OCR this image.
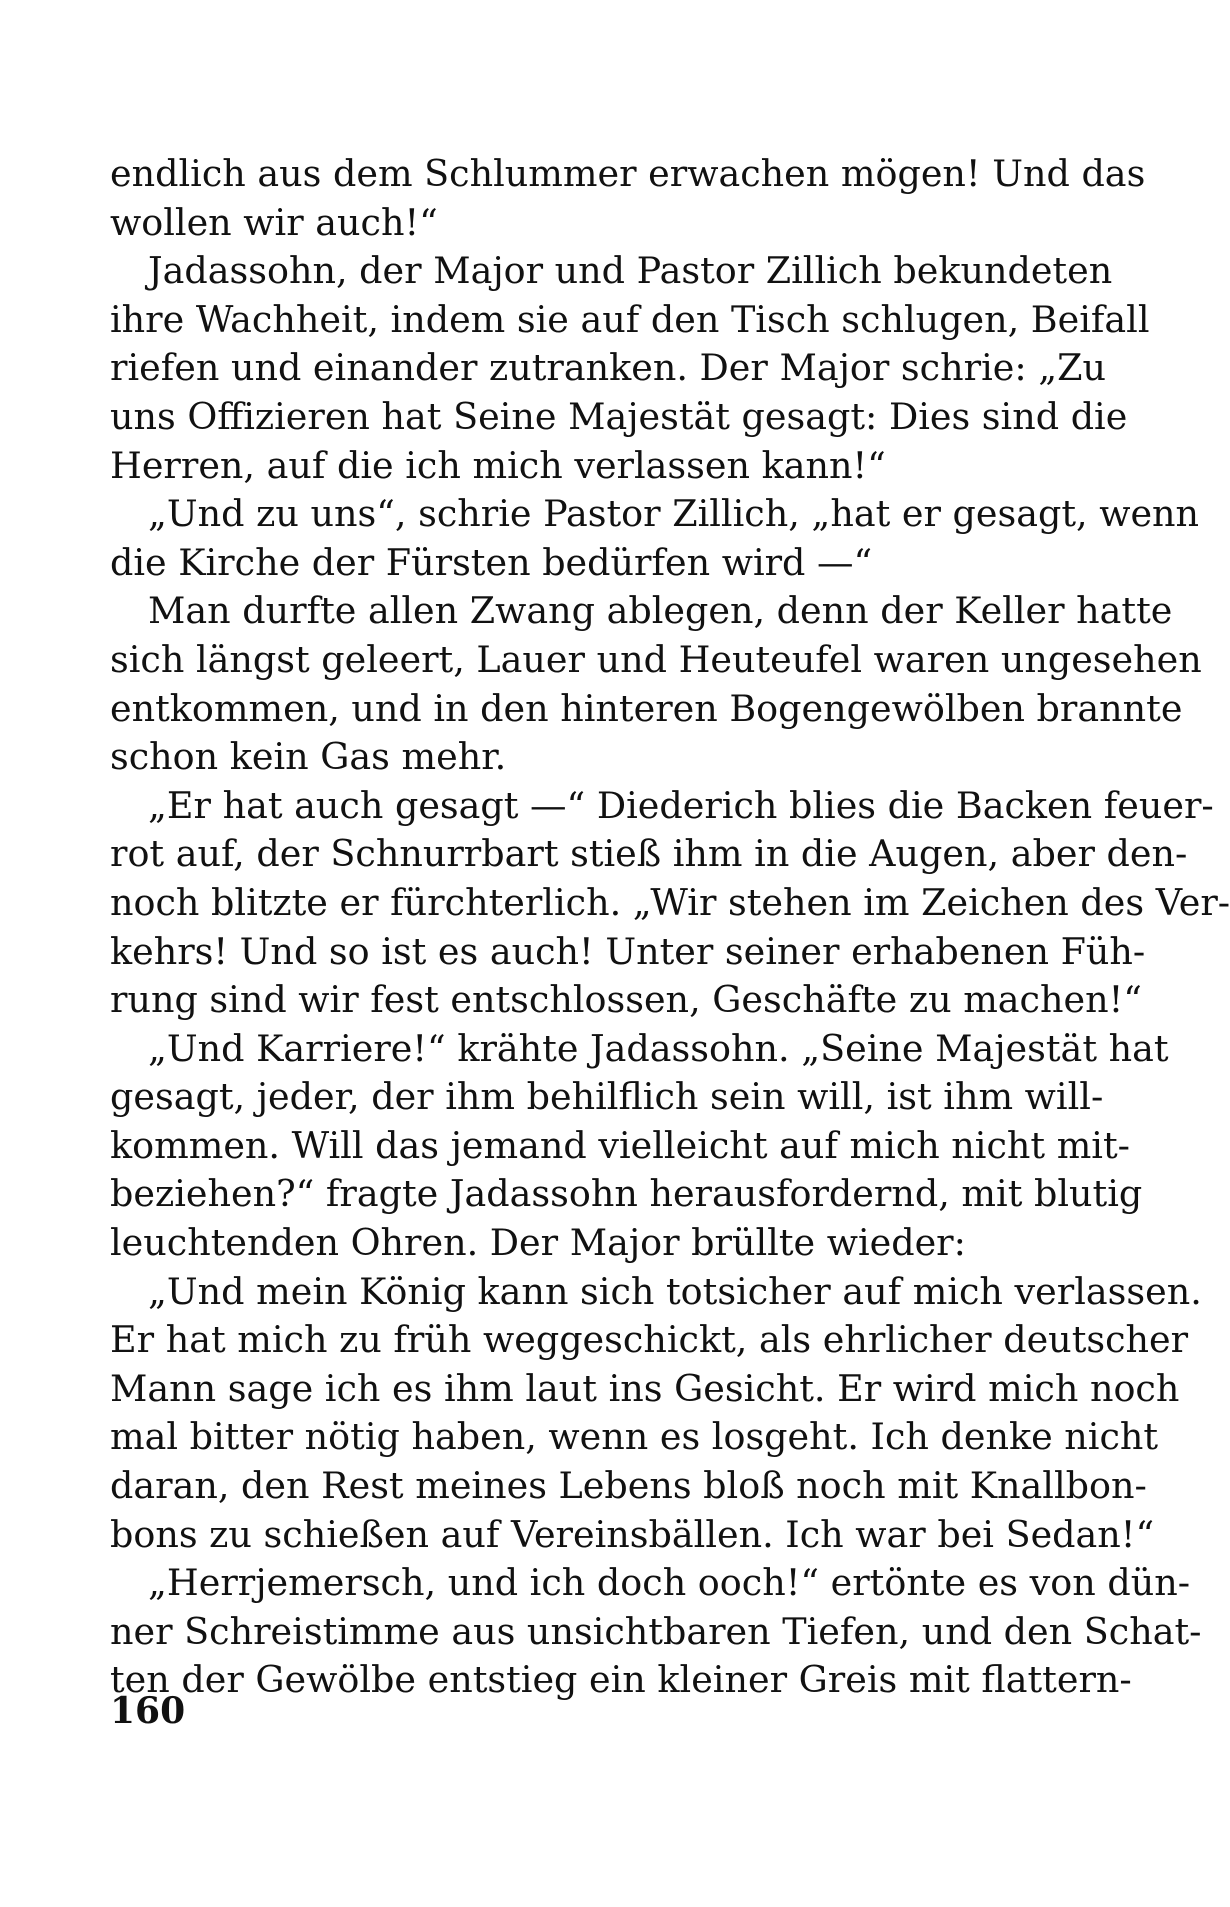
endlich aus dem Schlummer erwachen mögen! Und das
wollen wir auch!“
Jadassohn, der Major und Pastor Zillich bekundeten
ihre Wachheit, indem sie auf den Tisch schlugen, Beifall
riefen und einander zutranken. Der Major schrie: „Zu
uns Offizieren hat Seine Majestät gesagt: Dies sind die
Herren, auf die ich mich verlassen kann!“
„Und zu uns“, schrie Pastor Zillich, „hat er gesagt, wenn
die Kirche der Fürsten bedürfen wird —“
Man durfte allen Zwang ablegen, denn der Keller hatte
sich längst geleert, Lauer und Heuteufel waren ungesehen
entkommen, und in den hinteren Bogengewölben brannte
schon kein Gas mehr.
„Er hat auch gesagt —“ Diederich blies die Backen feuer-
rot auf, der Schnurrbart stieß ihm in die Augen, aber den-
noch blitzte er fürchterlich. „Wir stehen im Zeichen des Ver-
kehrs! Und so ist es auch! Unter seiner erhabenen Füh-
rung sind wir fest entschlossen, Geschäfte zu machen!“
„Und Karriere!“ krähte Jadassohn. „Seine Majestät hat
gesagt, jeder, der ihm behilflich sein will, ist ihm will-
kommen. Will das jemand vielleicht auf mich nicht mit-
beziehen?“ fragte Jadassohn herausfordernd, mit blutig
leuchtenden Ohren. Der Major brüllte wieder:
„Und mein König kann sich totsicher auf mich verlassen.
Er hat mich zu früh weggeschickt, als ehrlicher deutscher
Mann sage ich es ihm laut ins Gesicht. Er wird mich noch
mal bitter nötig haben, wenn es losgeht. Ich denke nicht
daran, den Rest meines Lebens bloß noch mit Knallbon-
bons zu schießen auf Vereinsbällen. Ich war bei Sedan!“
„Herrjemersch, und ich doch ooch!“ ertönte es von dün-
ner Schreistimme aus unsichtbaren Tiefen, und den Schat-
ten der Gewölbe entstieg ein kleiner Greis mit flattern-
160
